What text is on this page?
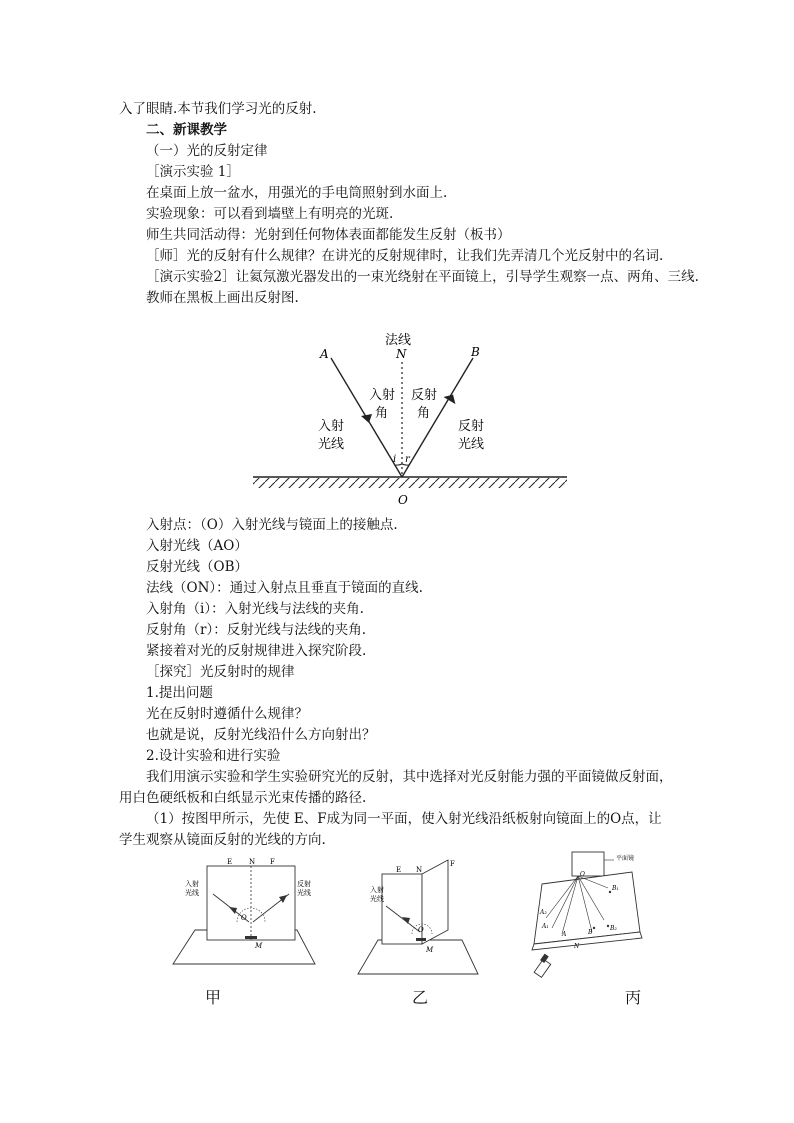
入了眼睛.本节我们学习光的反射.
二、新课教学
（一）光的反射定律
［演示实验 1］
在桌面上放一盆水，用强光的手电筒照射到水面上.
实验现象：可以看到墙壁上有明亮的光斑.
师生共同活动得：光射到任何物体表面都能发生反射（板书）
［师］光的反射有什么规律？在讲光的反射规律时，让我们先弄清几个光反射中的名词.
［演示实验2］让氦氖激光器发出的一束光绕射在平面镜上，引导学生观察一点、两角、三线.
教师在黑板上画出反射图.
法线
N
A	B
O
i r
入射
角
反射
角
入射
光线
反射
光线
入射点：（O）入射光线与镜面上的接触点.
入射光线（AO）
反射光线（OB）
法线（ON）：通过入射点且垂直于镜面的直线.
入射角（i）：入射光线与法线的夹角.
反射角（r）：反射光线与法线的夹角.
紧接着对光的反射规律进入探究阶段.
［探究］光反射时的规律
1.提出问题
光在反射时遵循什么规律？
也就是说，反射光线沿什么方向射出？
2.设计实验和进行实验
我们用演示实验和学生实验研究光的反射，其中选择对光反射能力强的平面镜做反射面，
用白色硬纸板和白纸显示光束传播的路径.
（1）按图甲所示，先使 E、F成为同一平面，使入射光线沿纸板射向镜面上的O点，让
学生观察从镜面反射的光线的方向.
E N F
O
M
入射
光线
反射
光线
E N
F
O
M
入射
光线
平面镜
O
B₁
A₂
A₁
A	B
B₂
N
甲	乙	丙
